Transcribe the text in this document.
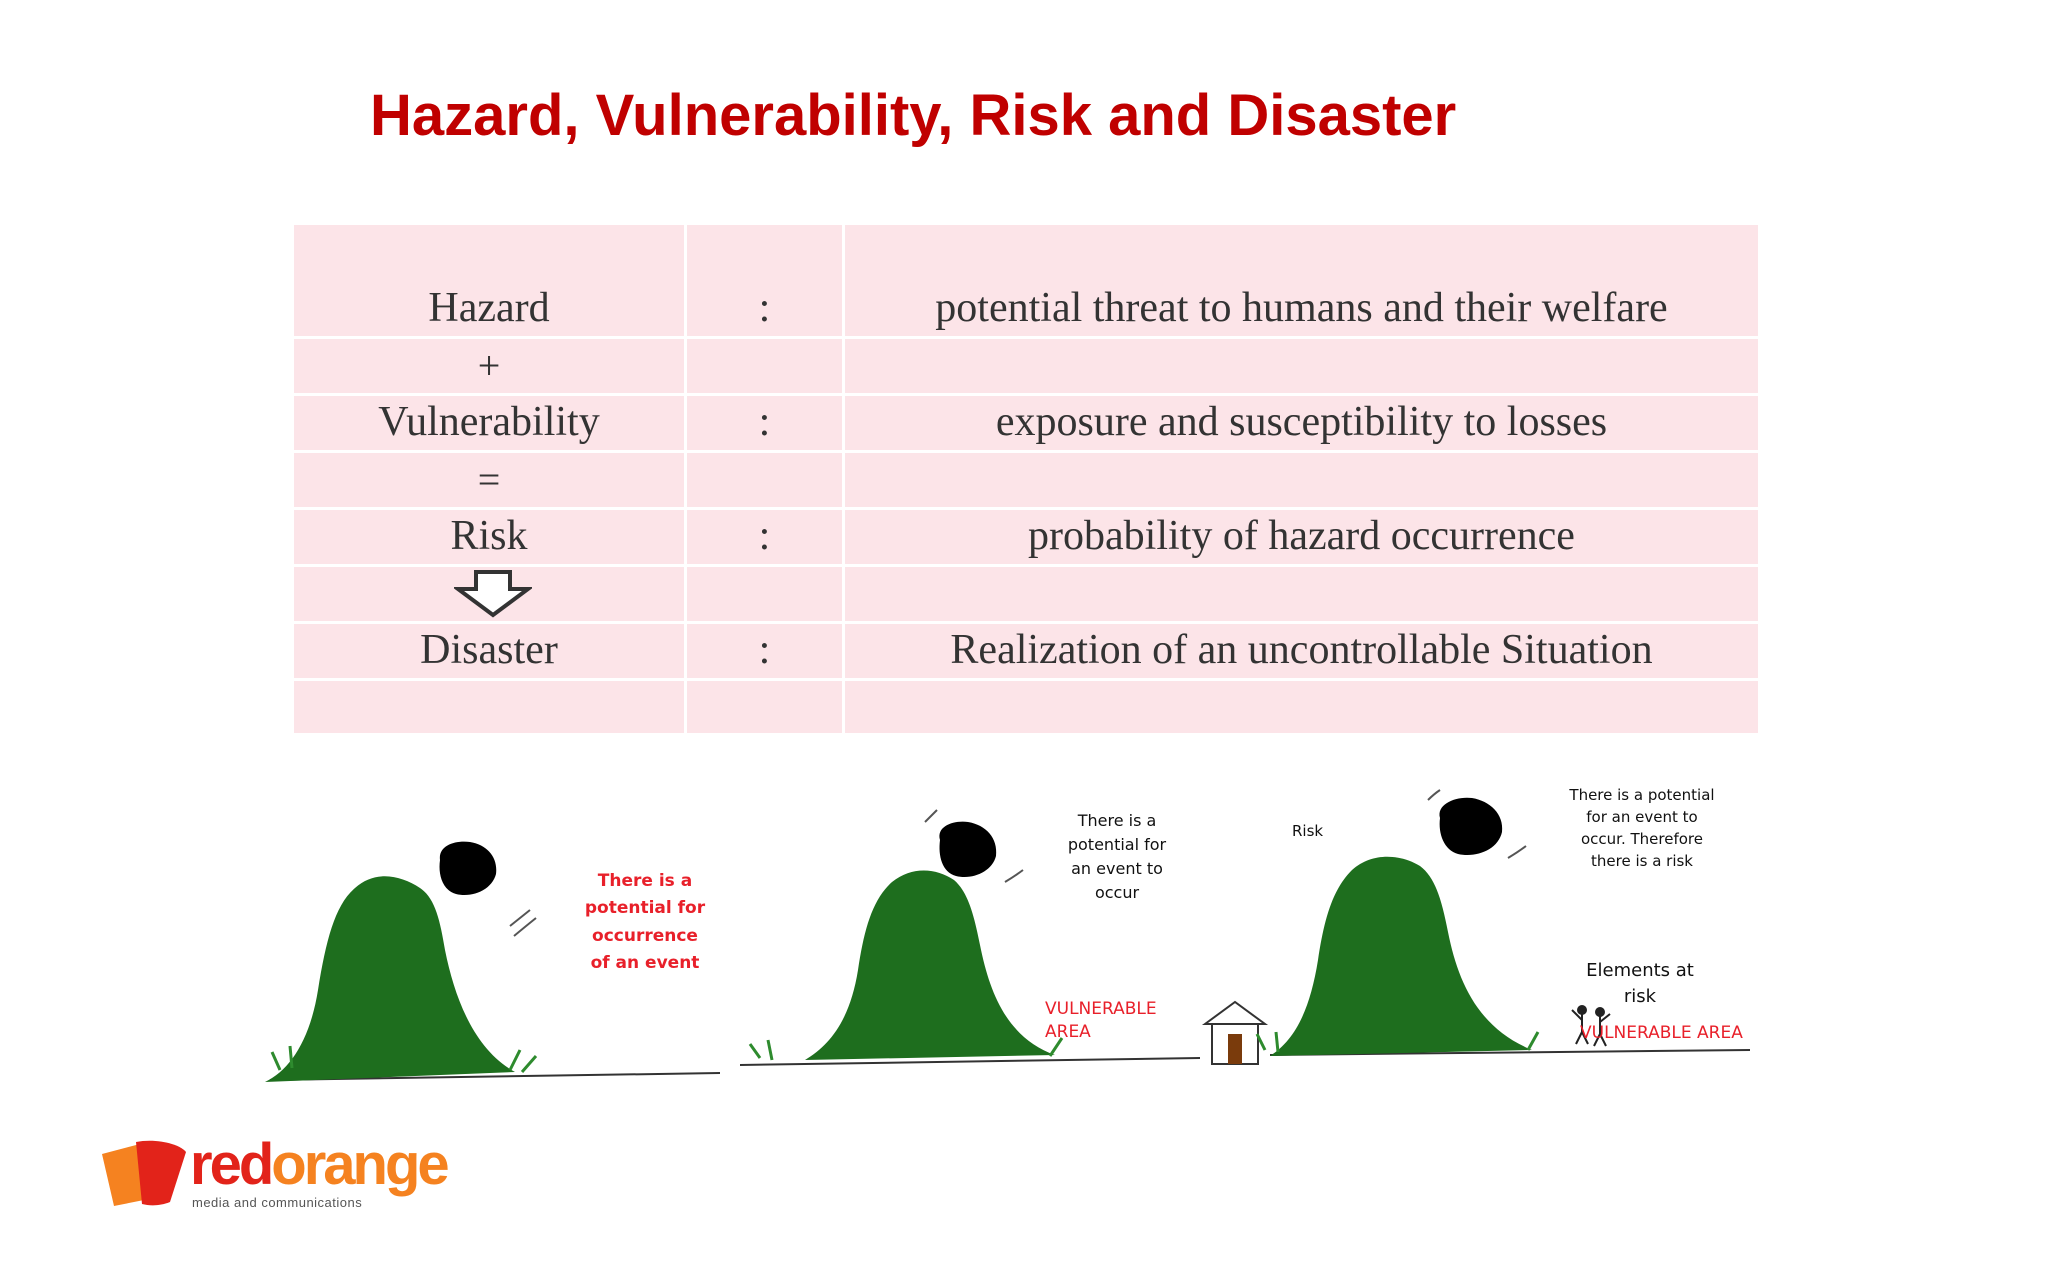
Hazard, Vulnerability, Risk and Disaster
Hazard	:	potential threat to humans and their welfare
+
Vulnerability	:	exposure and susceptibility to losses
=
Risk	:	probability of hazard occurrence
Disaster	:	Realization of an uncontrollable Situation
There is a
potential for
occurrence
of an event
There is a
potential for
an event to
occur
VULNERABLE
AREA
Risk
There is a potential
for an event to
occur. Therefore
there is a risk
Elements at
risk
VULNERABLE AREA
redorange
media and communications
